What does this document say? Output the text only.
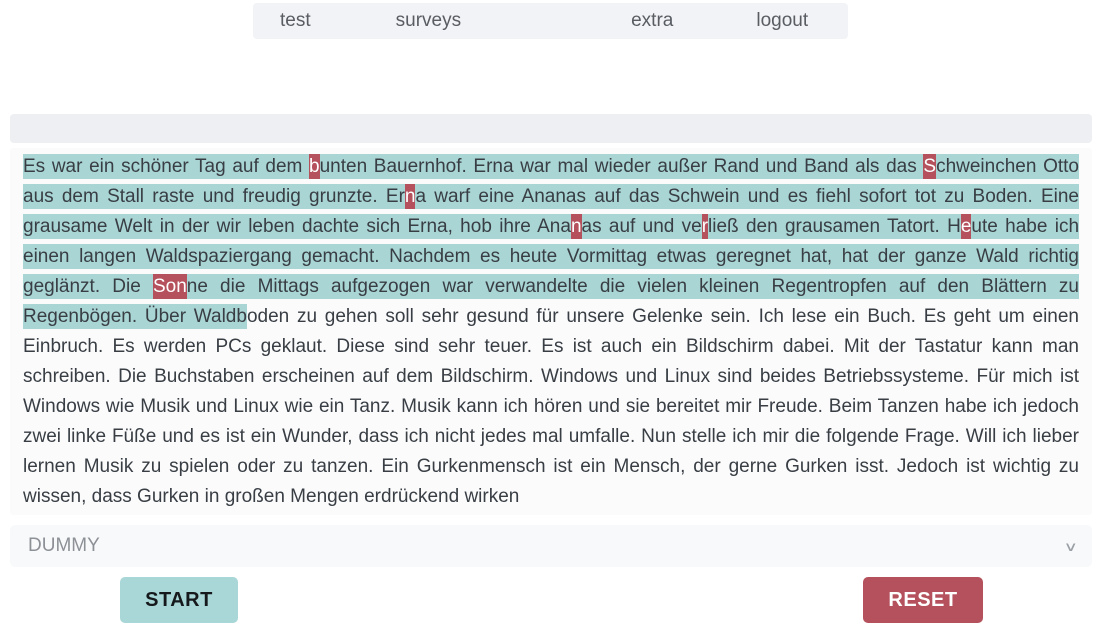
test	surveys	extra	logout

Es war ein schöner Tag auf dem bunten Bauernhof. Erna war mal wieder außer Rand und Band als das Schweinchen Otto aus dem Stall raste und freudig grunzte. Erna warf eine Ananas auf das Schwein und es fiehl sofort tot zu Boden. Eine grausame Welt in der wir leben dachte sich Erna, hob ihre Ananas auf und verließ den grausamen Tatort. Heute habe ich einen langen Waldspaziergang gemacht. Nachdem es heute Vormittag etwas geregnet hat, hat der ganze Wald richtig geglänzt. Die Sonne die Mittags aufgezogen war verwandelte die vielen kleinen Regentropfen auf den Blättern zu Regenbögen. Über Waldboden zu gehen soll sehr gesund für unsere Gelenke sein. Ich lese ein Buch. Es geht um einen Einbruch. Es werden PCs geklaut. Diese sind sehr teuer. Es ist auch ein Bildschirm dabei. Mit der Tastatur kann man schreiben. Die Buchstaben erscheinen auf dem Bildschirm. Windows und Linux sind beides Betriebssysteme. Für mich ist Windows wie Musik und Linux wie ein Tanz. Musik kann ich hören und sie bereitet mir Freude. Beim Tanzen habe ich jedoch zwei linke Füße und es ist ein Wunder, dass ich nicht jedes mal umfalle. Nun stelle ich mir die folgende Frage. Will ich lieber lernen Musik zu spielen oder zu tanzen. Ein Gurkenmensch ist ein Mensch, der gerne Gurken isst. Jedoch ist wichtig zu wissen, dass Gurken in großen Mengen erdrückend wirken

DUMMY	∨
START	RESET
